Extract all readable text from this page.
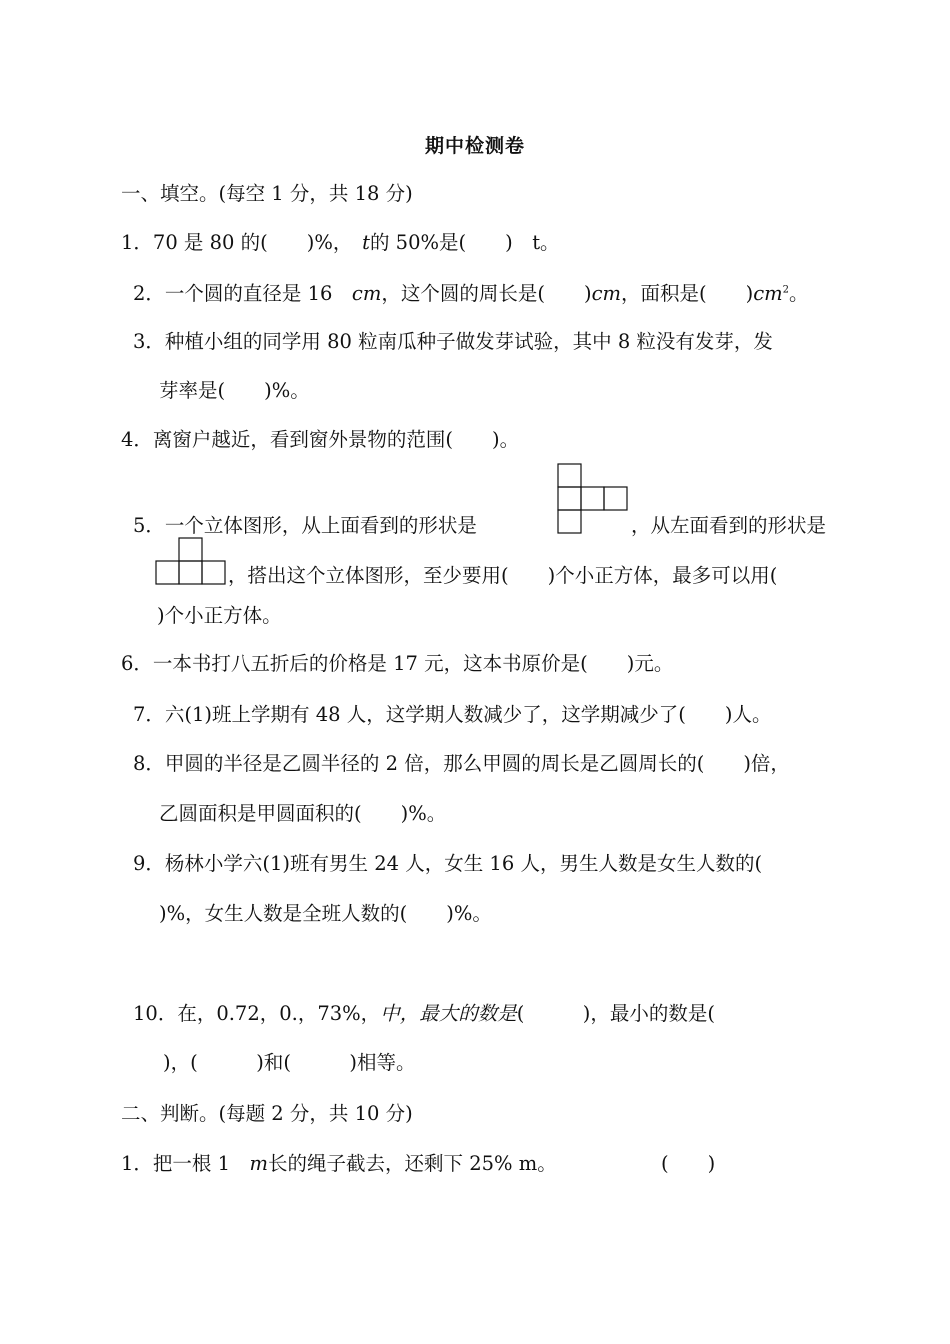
期中检测卷
一、填空。(每空 1 分，共 18 分)
1．70 是 80 的(　　)%，　t的 50%是(　　)　t。
2．一个圆的直径是 16　cm，这个圆的周长是(　　)cm，面积是(　　)$cm^2$。
3．种植小组的同学用 80 粒南瓜种子做发芽试验，其中 8 粒没有发芽，发
芽率是(　　)%。
4．离窗户越近，看到窗外景物的范围(　　)。
5．一个立体图形，从上面看到的形状是	，从左面看到的形状是
，搭出这个立体图形，至少要用(　　)个小正方体，最多可以用(
)个小正方体。
6．一本书打八五折后的价格是 17 元，这本书原价是(　　)元。
7．六(1)班上学期有 48 人，这学期人数减少了，这学期减少了(　　)人。
8．甲圆的半径是乙圆半径的 2 倍，那么甲圆的周长是乙圆周长的(　　)倍，
乙圆面积是甲圆面积的(　　)%。
9．杨林小学六(1)班有男生 24 人，女生 16 人，男生人数是女生人数的(
)%，女生人数是全班人数的(　　)%。
10．在，0.72，0.，73%，中，最大的数是(　　　)，最小的数是(
)，(　　　)和(　　　)相等。
二、判断。(每题 2 分，共 10 分)
1．把一根 1　m长的绳子截去，还剩下 25% m。	(　　)
